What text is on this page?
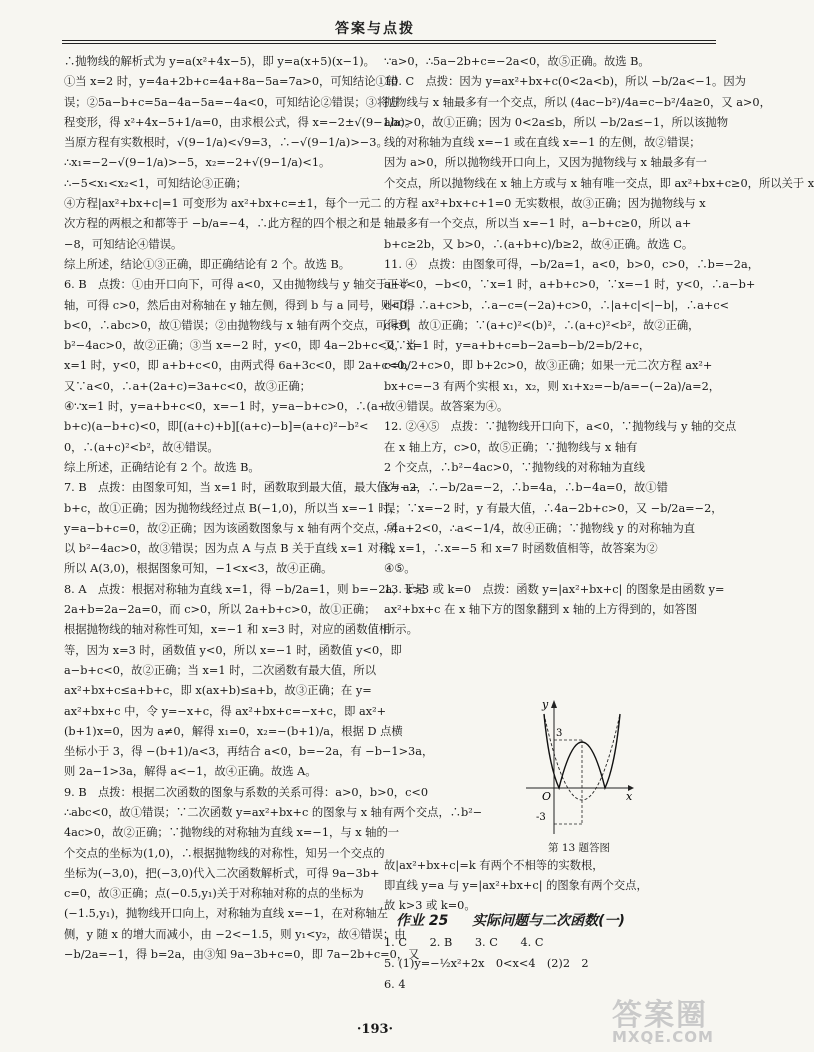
答案与点拨

∴抛物线的解析式为 y=a(x²+4x−5)，即 y=a(x+5)(x−1)。

①当 x=2 时，y=4a+2b+c=4a+8a−5a=7a>0，可知结论①错

误；②5a−b+c=5a−4a−5a=−4a<0，可知结论②错误；③将方

程变形，得 x²+4x−5+1/a=0，由求根公式，得 x=−2±√(9−1/a)。

当原方程有实数根时，√(9−1/a)<√9=3，∴−√(9−1/a)>−3。

∴x₁=−2−√(9−1/a)>−5，x₂=−2+√(9−1/a)<1。

∴−5<x₁<x₂<1，可知结论③正确；

④方程|ax²+bx+c|=1 可变形为 ax²+bx+c=±1，每个一元二

次方程的两根之和都等于 −b/a=−4，∴此方程的四个根之和是

−8，可知结论④错误。

综上所述，结论①③正确，即正确结论有 2 个。故选 B。

6. B　点拨：①由开口向下，可得 a<0，又由抛物线与 y 轴交于正半

轴，可得 c>0，然后由对称轴在 y 轴左侧，得到 b 与 a 同号，则可得

b<0，∴abc>0，故①错误；②由抛物线与 x 轴有两个交点，可得到

b²−4ac>0，故②正确；③当 x=−2 时，y<0，即 4a−2b+c<0，当

x=1 时，y<0，即 a+b+c<0，由两式得 6a+3c<0，即 2a+c<0，

又∵a<0，∴a+(2a+c)=3a+c<0，故③正确；

④∵x=1 时，y=a+b+c<0，x=−1 时，y=a−b+c>0，∴(a+

b+c)(a−b+c)<0，即[(a+c)+b][(a+c)−b]=(a+c)²−b²<

0，∴(a+c)²<b²，故④错误。

综上所述，正确结论有 2 个。故选 B。

7. B　点拨：由图象可知，当 x=1 时，函数取到最大值，最大值为 a+

b+c，故①正确；因为抛物线经过点 B(−1,0)，所以当 x=−1 时，

y=a−b+c=0，故②正确；因为该函数图象与 x 轴有两个交点，所

以 b²−4ac>0，故③错误；因为点 A 与点 B 关于直线 x=1 对称，

所以 A(3,0)，根据图象可知，−1<x<3，故④正确。

8. A　点拨：根据对称轴为直线 x=1，得 −b/2a=1，则 b=−2a，于是

2a+b=2a−2a=0，而 c>0，所以 2a+b+c>0，故①正确；

根据抛物线的轴对称性可知，x=−1 和 x=3 时，对应的函数值相

等，因为 x=3 时，函数值 y<0，所以 x=−1 时，函数值 y<0，即

a−b+c<0，故②正确；当 x=1 时，二次函数有最大值，所以

ax²+bx+c≤a+b+c，即 x(ax+b)≤a+b，故③正确；在 y=

ax²+bx+c 中，令 y=−x+c，得 ax²+bx+c=−x+c，即 ax²+

(b+1)x=0，因为 a≠0，解得 x₁=0，x₂=−(b+1)/a，根据 D 点横

坐标小于 3，得 −(b+1)/a<3，再结合 a<0，b=−2a，有 −b−1>3a，

则 2a−1>3a，解得 a<−1，故④正确。故选 A。

9. B　点拨：根据二次函数的图象与系数的关系可得：a>0，b>0，c<0

∴abc<0，故①错误；∵二次函数 y=ax²+bx+c 的图象与 x 轴有两个交点，∴b²−

4ac>0，故②正确；∵抛物线的对称轴为直线 x=−1，与 x 轴的一

个交点的坐标为(1,0)，∴根据抛物线的对称性，知另一个交点的

坐标为(−3,0)，把(−3,0)代入二次函数解析式，可得 9a−3b+

c=0，故③正确；点(−0.5,y₁)关于对称轴对称的点的坐标为

(−1.5,y₁)，抛物线开口向上，对称轴为直线 x=−1，在对称轴左

侧，y 随 x 的增大而减小，由 −2<−1.5，则 y₁<y₂，故④错误；由

−b/2a=−1，得 b=2a，由③知 9a−3b+c=0，即 7a−2b+c=0，又

∵a>0，∴5a−2b+c=−2a<0，故⑤正确。故选 B。

10. C　点拨：因为 y=ax²+bx+c(0<2a<b)，所以 −b/2a<−1。因为

抛物线与 x 轴最多有一个交点，所以 (4ac−b²)/4a=c−b²/4a≥0，又 a>0，

abc>0，故①正确；因为 0<2a≤b，所以 −b/2a≤−1，所以该抛物

线的对称轴为直线 x=−1 或在直线 x=−1 的左侧，故②错误；

因为 a>0，所以抛物线开口向上，又因为抛物线与 x 轴最多有一

个交点，所以抛物线在 x 轴上方或与 x 轴有唯一交点，即 ax²+bx+c≥0，所以关于 x

的方程 ax²+bx+c+1=0 无实数根，故③正确；因为抛物线与 x

轴最多有一个交点，所以当 x=−1 时，a−b+c≥0，所以 a+

b+c≥2b，又 b>0，∴(a+b+c)/b≥2，故④正确。故选 C。

11. ④　点拨：由图象可得，−b/2a=1，a<0，b>0，c>0，∴b=−2a，

a+c<0，−b<0，∵x=1 时，a+b+c>0，∵x=−1 时，y<0，∴a−b+

c<0，∴a+c>b，∴a−c=(−2a)+c>0，∴|a+c|<|−b|，∴a+c<

c<0，故①正确；∵(a+c)²<(b)²，∴(a+c)²<b²，故②正确，

又∵x=1 时，y=a+b+c=b−2a=b−b/2=b/2+c，

c=b/2+c>0，即 b+2c>0，故③正确；如果一元二次方程 ax²+

bx+c=−3 有两个实根 x₁，x₂，则 x₁+x₂=−b/a=−(−2a)/a=2，

故④错误。故答案为④。

12. ②④⑤　点拨：∵抛物线开口向下，a<0，∵抛物线与 y 轴的交点

在 x 轴上方，c>0，故⑤正确；∵抛物线与 x 轴有

2 个交点，∴b²−4ac>0，∵抛物线的对称轴为直线

x=−2，∴−b/2a=−2，∴b=4a，∴b−4a=0，故①错

误；∵x=−2 时，y 有最大值，∴4a−2b+c>0，又 −b/2a=−2，

∴4a+2<0，∴a<−1/4，故④正确；∵抛物线 y 的对称轴为直

线 x=1，∴x=−5 和 x=7 时函数值相等，故答案为②

④⑤。

13. k>3 或 k=0　点拨：函数 y=|ax²+bx+c| 的图象是由函数 y=

ax²+bx+c 在 x 轴下方的图象翻到 x 轴的上方得到的，如答图

所示。

y
x
O
3
-3
第 13 题答图

故|ax²+bx+c|=k 有两个不相等的实数根，

即直线 y=a 与 y=|ax²+bx+c| 的图象有两个交点，

故 k>3 或 k=0。

作业 25 实际问题与二次函数(一)

1. C　　2. B　　3. C　　4. C

5. (1)y=−½x²+2x　0<x<4　(2)2　2

6. 4

·193·	答案圈
MXQE.COM
